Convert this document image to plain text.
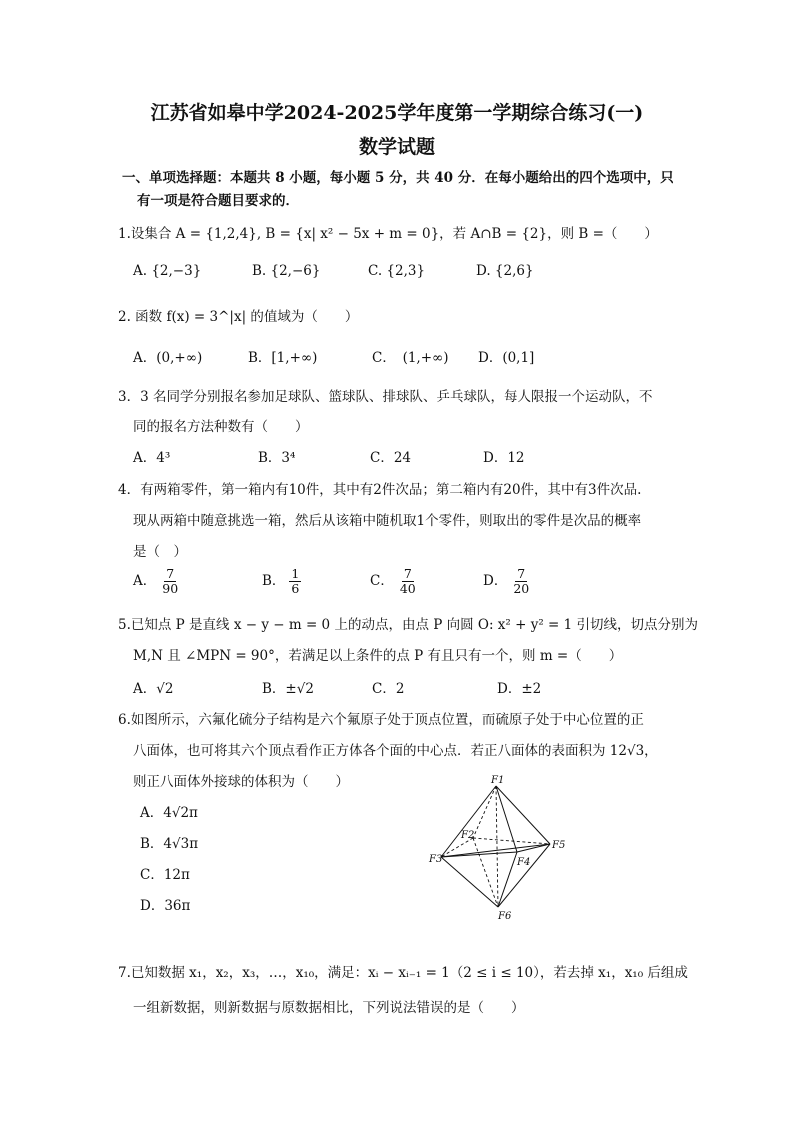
江苏省如皋中学2024-2025学年度第一学期综合练习(一)
数学试题
一、单项选择题：本题共 8 小题，每小题 5 分，共 40 分．在每小题给出的四个选项中，只
有一项是符合题目要求的．
1.设集合 A = {1,2,4}, B = {x| x² − 5x + m = 0}，若 A∩B = {2}，则 B =（　　）
A. {2,−3}	B. {2,−6}	C. {2,3}	D. {2,6}
2. 函数 f(x) = 3^|x| 的值域为（　　）
A．(0,+∞)	B．[1,+∞)	C．　(1,+∞) D．(0,1]
3．3 名同学分别报名参加足球队、篮球队、排球队、乒乓球队，每人限报一个运动队，不
同的报名方法种数有（　　）
A．4³	B．3⁴	C．24	D．12
4．有两箱零件，第一箱内有10件，其中有2件次品；第二箱内有20件，其中有3件次品.
现从两箱中随意挑选一箱，然后从该箱中随机取1个零件，则取出的零件是次品的概率
是（　）
A． $\frac{7}{90}$	B． $\frac{1}{6}$	C． $\frac{7}{40}$	D． $\frac{7}{20}$
5.已知点 P 是直线 x − y − m = 0 上的动点，由点 P 向圆 O: x² + y² = 1 引切线，切点分别为
M,N 且 ∠MPN = 90°，若满足以上条件的点 P 有且只有一个，则 m =（　　）
A．√2	B．±√2	C．2	D．±2
6.如图所示，六氟化硫分子结构是六个氟原子处于顶点位置，而硫原子处于中心位置的正
八面体，也可将其六个顶点看作正方体各个面的中心点．若正八面体的表面积为 12√3，
则正八面体外接球的体积为（　　）
A．4√2π
B．4√3π
C．12π
D．36π
F1
F2
F3	F4
F5
F6
7.已知数据 x₁，x₂，x₃，…，x₁₀，满足：xᵢ − xᵢ₋₁ = 1（2 ≤ i ≤ 10），若去掉 x₁，x₁₀ 后组成
一组新数据，则新数据与原数据相比，下列说法错误的是（　　）
